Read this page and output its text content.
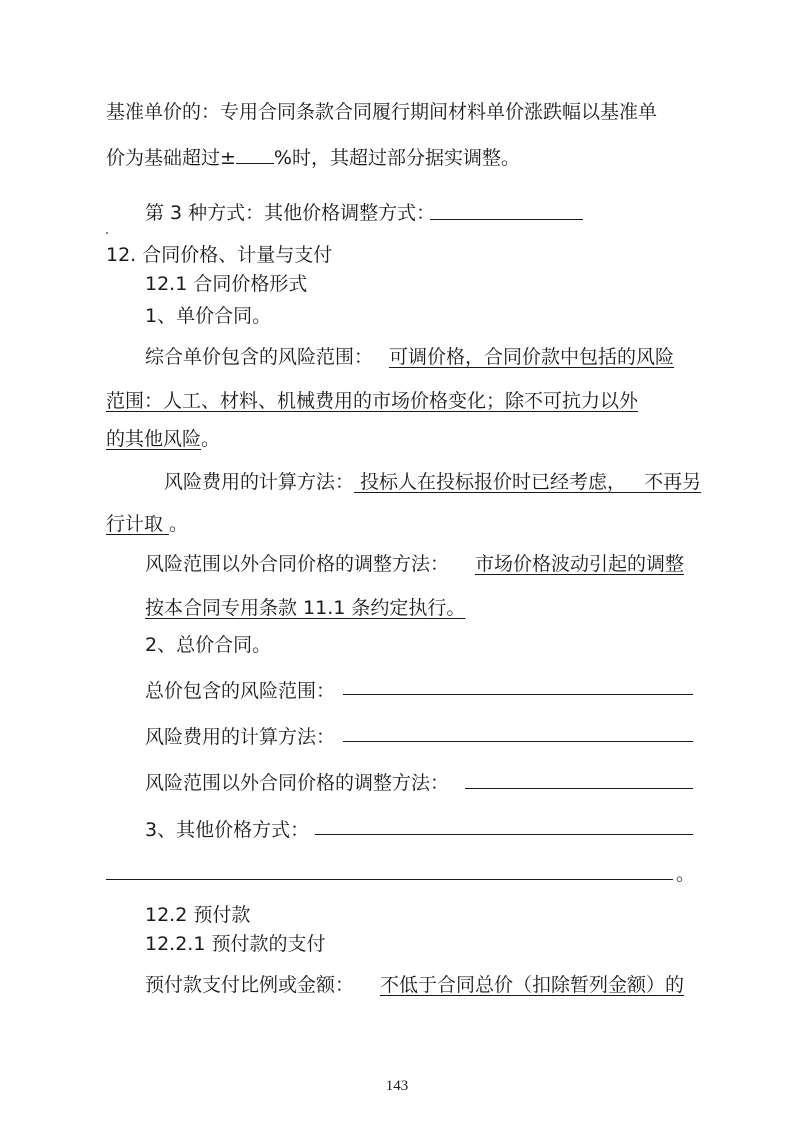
基准单价的：专用合同条款合同履行期间材料单价涨跌幅以基准单
价为基础超过± %时，其超过部分据实调整。
第 3 种方式：其他价格调整方式：
12. 合同价格、计量与支付
12.1 合同价格形式
1、单价合同。
综合单价包含的风险范围： 可调价格，合同价款中包括的风险
范围：人工、材料、机械费用的市场价格变化；除不可抗力以外
的其他风险。
风险费用的计算方法： 投标人在投标报价时已经考虑，   不再另
行计取 。
风险范围以外合同价格的调整方法： 市场价格波动引起的调整
按本合同专用条款 11.1 条约定执行。
2、总价合同。
总价包含的风险范围：
风险费用的计算方法：
风险范围以外合同价格的调整方法：
3、其他价格方式：
。
12.2 预付款
12.2.1 预付款的支付
预付款支付比例或金额： 不低于合同总价（扣除暂列金额）的
143
